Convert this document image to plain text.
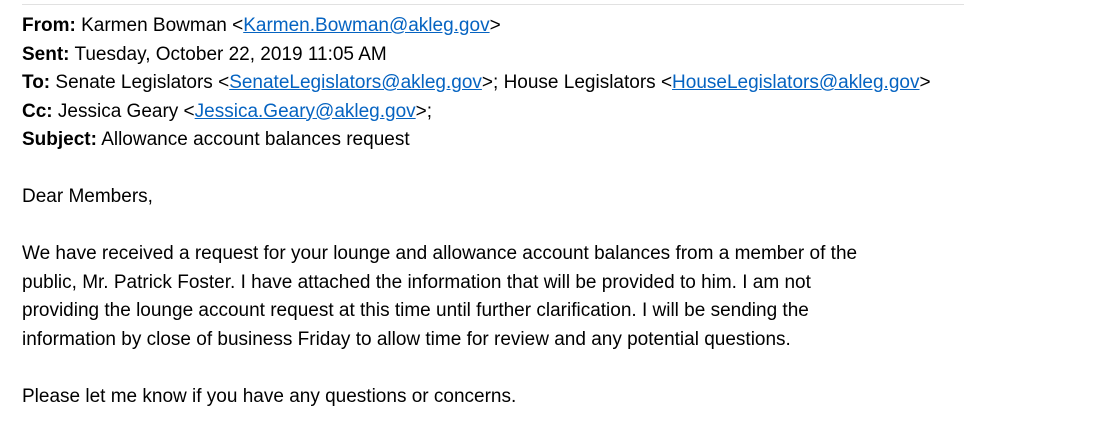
From: Karmen Bowman <Karmen.Bowman@akleg.gov>
Sent: Tuesday, October 22, 2019 11:05 AM
To: Senate Legislators <SenateLegislators@akleg.gov>; House Legislators <HouseLegislators@akleg.gov>
Cc: Jessica Geary <Jessica.Geary@akleg.gov>;
Subject: Allowance account balances request

Dear Members,

We have received a request for your lounge and allowance account balances from a member of the

public, Mr. Patrick Foster. I have attached the information that will be provided to him. I am not

providing the lounge account request at this time until further clarification. I will be sending the

information by close of business Friday to allow time for review and any potential questions.

Please let me know if you have any questions or concerns.
